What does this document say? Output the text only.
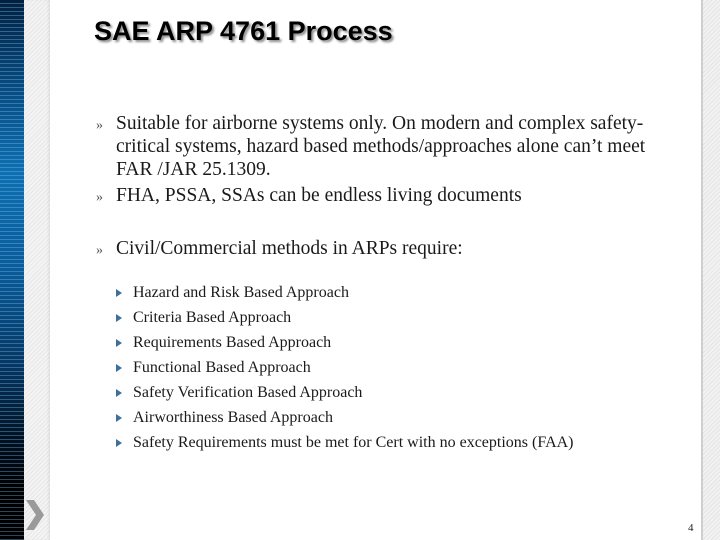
SAE ARP 4761 Process
» Suitable for airborne systems only. On modern and complex safety-critical systems, hazard based methods/approaches alone can’t meet FAR /JAR 25.1309.
» FHA, PSSA, SSAs can be endless living documents
» Civil/Commercial methods in ARPs require:
Hazard and Risk Based Approach
Criteria Based Approach
Requirements Based Approach
Functional Based Approach
Safety Verification Based Approach
Airworthiness Based Approach
Safety Requirements must be met for Cert with no exceptions (FAA)
4
